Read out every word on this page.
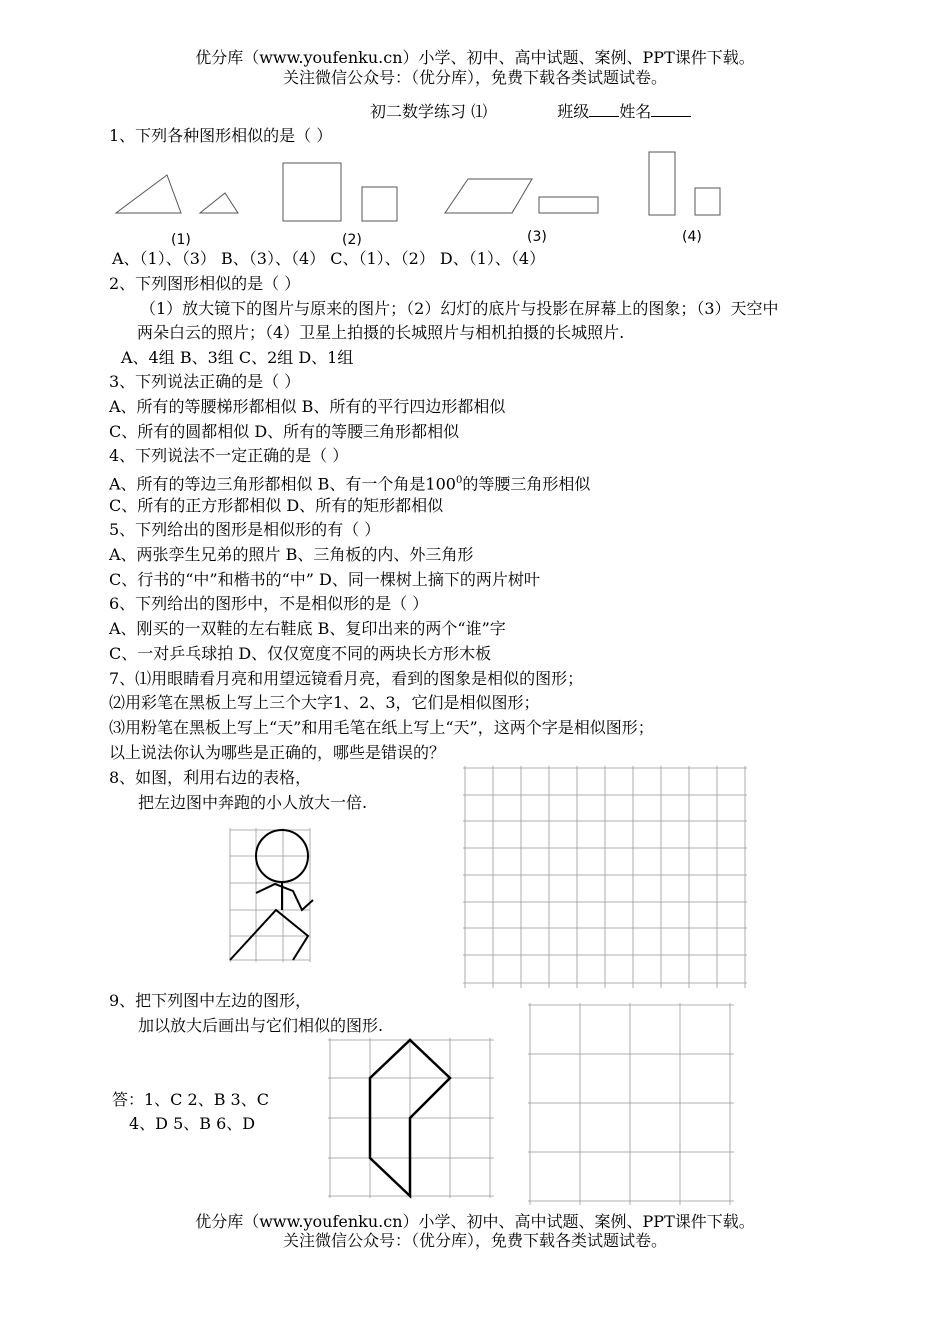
优分库（www.youfenku.cn）小学、初中、高中试题、案例、PPT课件下载。
关注微信公众号：（优分库），免费下载各类试题试卷。
初二数学练习 ⑴	班级 姓名
1、下列各种图形相似的是（ ）
(1)	(2)	(3)	(4)
A、（1）、（3） B、（3）、（4） C、（1）、（2） D、（1）、（4）
2、下列图形相似的是（ ）
（1）放大镜下的图片与原来的图片；（2）幻灯的底片与投影在屏幕上的图象；（3）天空中
两朵白云的照片；（4）卫星上拍摄的长城照片与相机拍摄的长城照片.
A、4组 B、3组 C、2组 D、1组
3、下列说法正确的是（ ）
A、所有的等腰梯形都相似 B、所有的平行四边形都相似
C、所有的圆都相似 D、所有的等腰三角形都相似
4、下列说法不一定正确的是（ ）
A、所有的等边三角形都相似 B、有一个角是$100^0$的等腰三角形相似
C、所有的正方形都相似 D、所有的矩形都相似
5、下列给出的图形是相似形的有（ ）
A、两张孪生兄弟的照片 B、三角板的内、外三角形
C、行书的“中”和楷书的“中” D、同一棵树上摘下的两片树叶
6、下列给出的图形中，不是相似形的是（ ）
A、刚买的一双鞋的左右鞋底 B、复印出来的两个“谁”字
C、一对乒乓球拍 D、仅仅宽度不同的两块长方形木板
7、⑴用眼睛看月亮和用望远镜看月亮，看到的图象是相似的图形；
⑵用彩笔在黑板上写上三个大字1、2、3，它们是相似图形；
⑶用粉笔在黑板上写上“天”和用毛笔在纸上写上“天”，这两个字是相似图形；
以上说法你认为哪些是正确的，哪些是错误的？
8、如图，利用右边的表格，
把左边图中奔跑的小人放大一倍.
9、把下列图中左边的图形，
加以放大后画出与它们相似的图形.
答：1、C 2、B 3、C
4、D 5、B 6、D
优分库（www.youfenku.cn）小学、初中、高中试题、案例、PPT课件下载。
关注微信公众号：（优分库），免费下载各类试题试卷。
